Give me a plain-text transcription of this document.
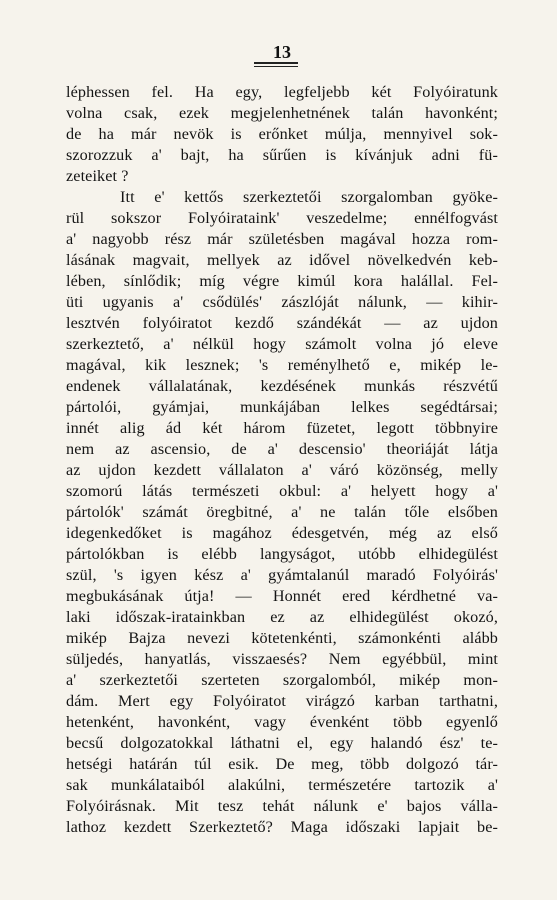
13
léphessen fel. Ha egy, legfeljebb két Folyóiratunk
volna csak, ezek megjelenhetnének talán havonként;
de ha már nevök is erőnket múlja, mennyivel sok-
szorozzuk a' bajt, ha sűrűen is kívánjuk adni fü-
zeteiket ?
Itt e' kettős szerkeztetői szorgalomban gyöke-
rül sokszor Folyóirataink' veszedelme; ennélfogvást
a' nagyobb rész már születésben magával hozza rom-
lásának magvait, mellyek az idővel növelkedvén keb-
lében, sínlődik; míg végre kimúl kora halállal. Fel-
üti ugyanis a' csődülés' zászlóját nálunk, — kihir-
lesztvén folyóiratot kezdő szándékát — az ujdon
szerkeztető, a' nélkül hogy számolt volna jó eleve
magával, kik lesznek; 's reménylhető e, mikép le-
endenek vállalatának, kezdésének munkás részvétű
pártolói, gyámjai, munkájában lelkes segédtársai;
innét alig ád két három füzetet, legott többnyire
nem az ascensio, de a' descensio' theoriáját látja
az ujdon kezdett vállalaton a' váró közönség, melly
szomorú látás természeti okbul: a' helyett hogy a'
pártolók' számát öregbitné, a' ne talán tőle elsőben
idegenkedőket is magához édesgetvén, még az első
pártolókban is elébb langyságot, utóbb elhidegülést
szül, 's igyen kész a' gyámtalanúl maradó Folyóirás'
megbukásának útja! — Honnét ered kérdhetné va-
laki időszak-iratainkban ez az elhidegülést okozó,
mikép Bajza nevezi kötetenkénti, számonkénti alább
süljedés, hanyatlás, visszaesés? Nem egyébbül, mint
a' szerkeztetői szerteten szorgalomból, mikép mon-
dám. Mert egy Folyóiratot virágzó karban tarthatni,
hetenként, havonként, vagy évenként több egyenlő
becsű dolgozatokkal láthatni el, egy halandó ész' te-
hetségi határán túl esik. De meg, több dolgozó tár-
sak munkálataiból alakúlni, természetére tartozik a'
Folyóirásnak. Mit tesz tehát nálunk e' bajos válla-
lathoz kezdett Szerkeztető? Maga időszaki lapjait be-
